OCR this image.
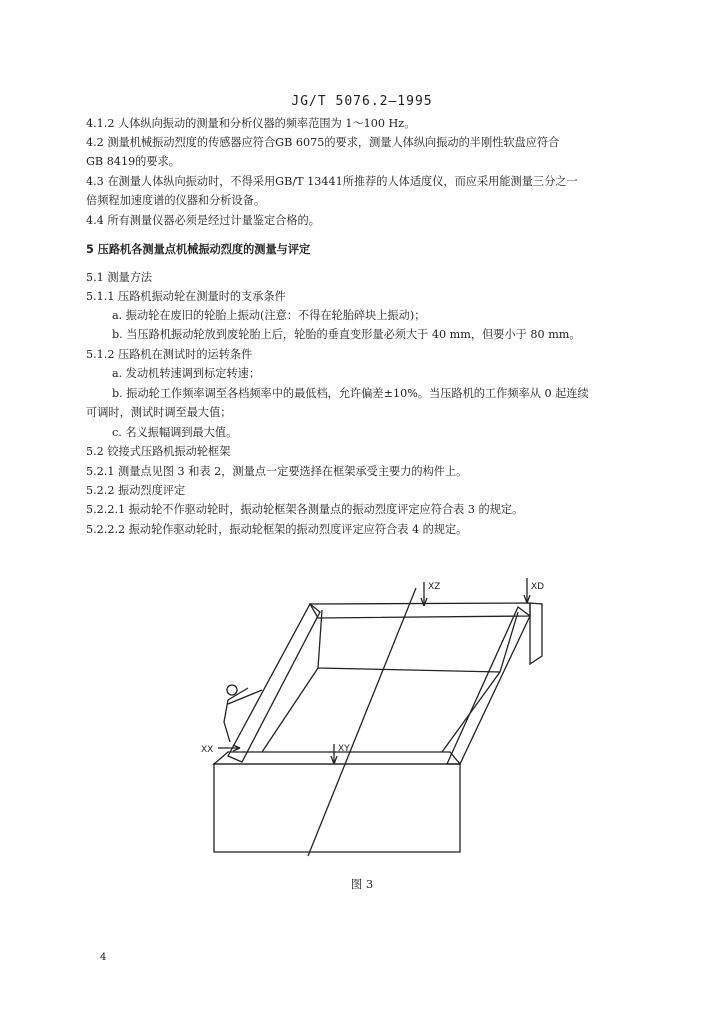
JG/T 5076.2—1995
4.1.2 人体纵向振动的测量和分析仪器的频率范围为 1～100 Hz。
4.2 测量机械振动烈度的传感器应符合GB 6075的要求，测量人体纵向振动的半刚性软盘应符合
GB 8419的要求。
4.3 在测量人体纵向振动时，不得采用GB/T 13441所推荐的人体适度仪，而应采用能测量三分之一
倍频程加速度谱的仪器和分析设备。
4.4 所有测量仪器必须是经过计量鉴定合格的。
5 压路机各测量点机械振动烈度的测量与评定
5.1 测量方法
5.1.1 压路机振动轮在测量时的支承条件
a. 振动轮在废旧的轮胎上振动(注意：不得在轮胎碎块上振动)；
b. 当压路机振动轮放到废轮胎上后，轮胎的垂直变形量必须大于 40 mm，但要小于 80 mm。
5.1.2 压路机在测试时的运转条件
a. 发动机转速调到标定转速；
b. 振动轮工作频率调至各档频率中的最低档，允许偏差±10%。当压路机的工作频率从 0 起连续
可调时，测试时调至最大值；
c. 名义振幅调到最大值。
5.2 铰接式压路机振动轮框架
5.2.1 测量点见图 3 和表 2，测量点一定要选择在框架承受主要力的构件上。
5.2.2 振动烈度评定
5.2.2.1 振动轮不作驱动轮时，振动轮框架各测量点的振动烈度评定应符合表 3 的规定。
5.2.2.2 振动轮作驱动轮时，振动轮框架的振动烈度评定应符合表 4 的规定。
XZ	XD
XY
XX
图 3
4
